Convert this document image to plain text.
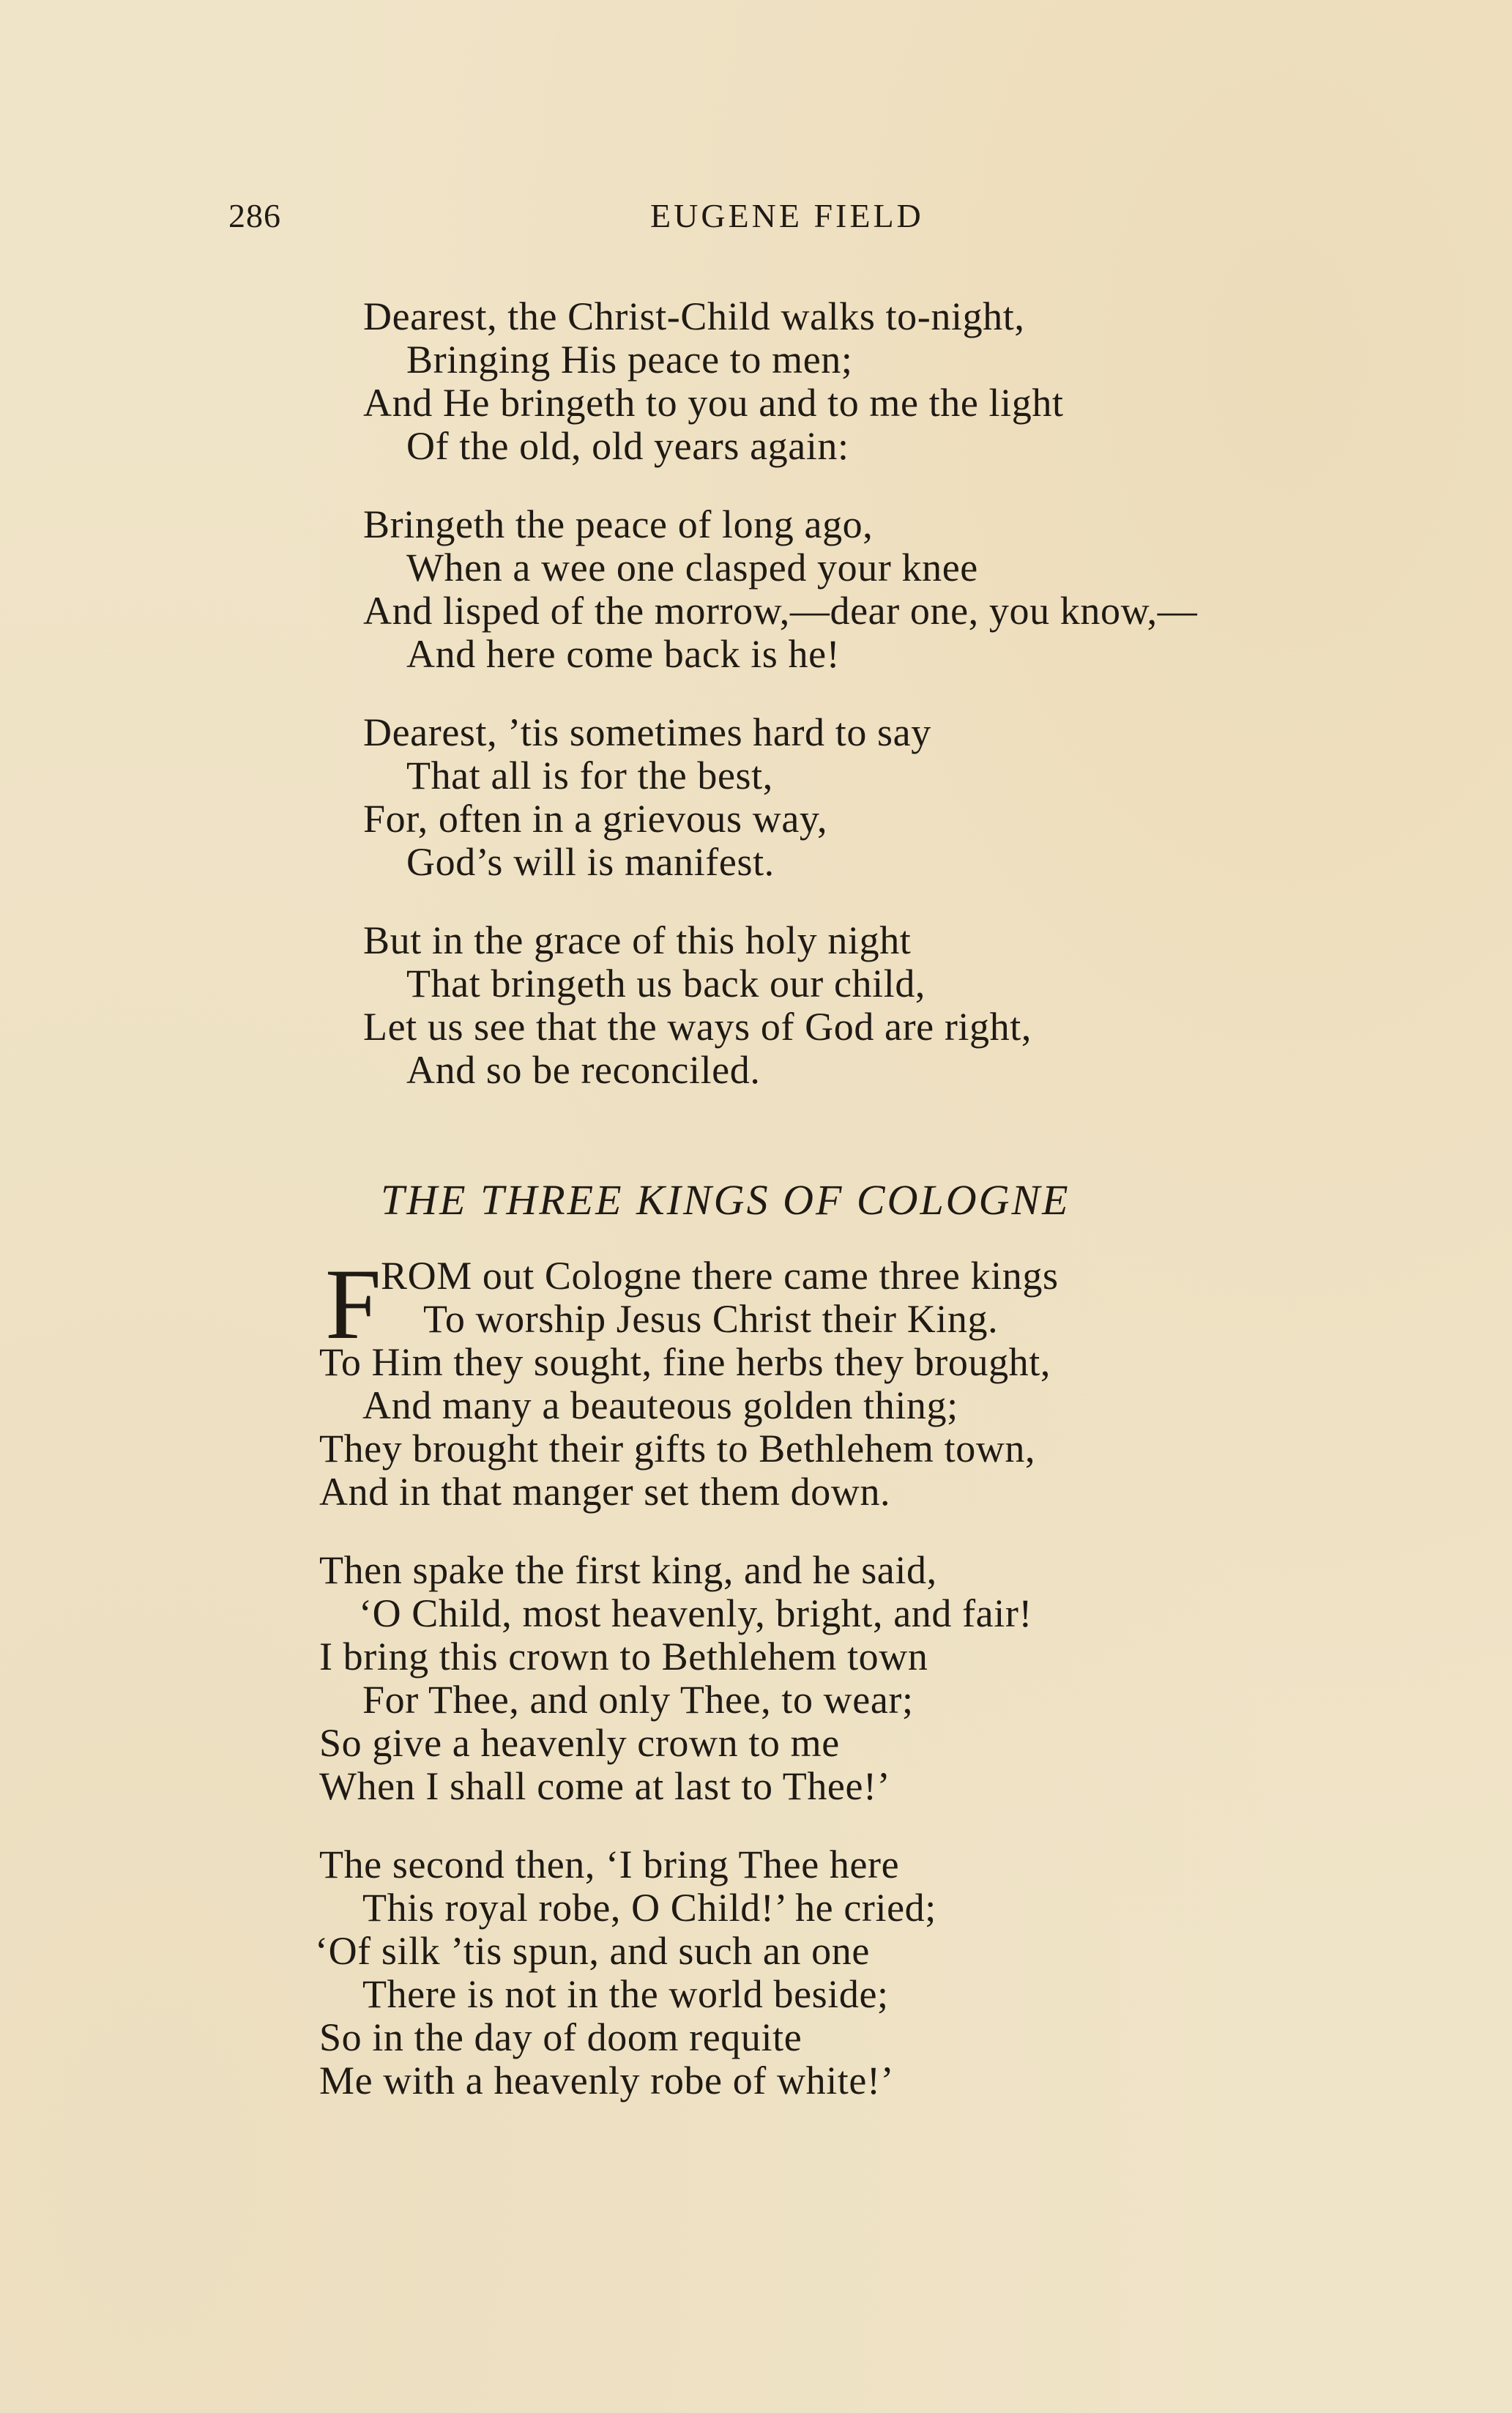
286	EUGENE FIELD
Dearest, the Christ-Child walks to-night,
Bringing His peace to men;
And He bringeth to you and to me the light
Of the old, old years again:
Bringeth the peace of long ago,
When a wee one clasped your knee
And lisped of the morrow,—dear one, you know,—
And here come back is he!
Dearest, ’tis sometimes hard to say
That all is for the best,
For, often in a grievous way,
God’s will is manifest.
But in the grace of this holy night
That bringeth us back our child,
Let us see that the ways of God are right,
And so be reconciled.
THE THREE KINGS OF COLOGNE
F ROM out Cologne there came three kings
To worship Jesus Christ their King.
To Him they sought, fine herbs they brought,
And many a beauteous golden thing;
They brought their gifts to Bethlehem town,
And in that manger set them down.
Then spake the first king, and he said,
‘O Child, most heavenly, bright, and fair!
I bring this crown to Bethlehem town
For Thee, and only Thee, to wear;
So give a heavenly crown to me
When I shall come at last to Thee!’
The second then, ‘I bring Thee here
This royal robe, O Child!’ he cried;
‘Of silk ’tis spun, and such an one
There is not in the world beside;
So in the day of doom requite
Me with a heavenly robe of white!’
